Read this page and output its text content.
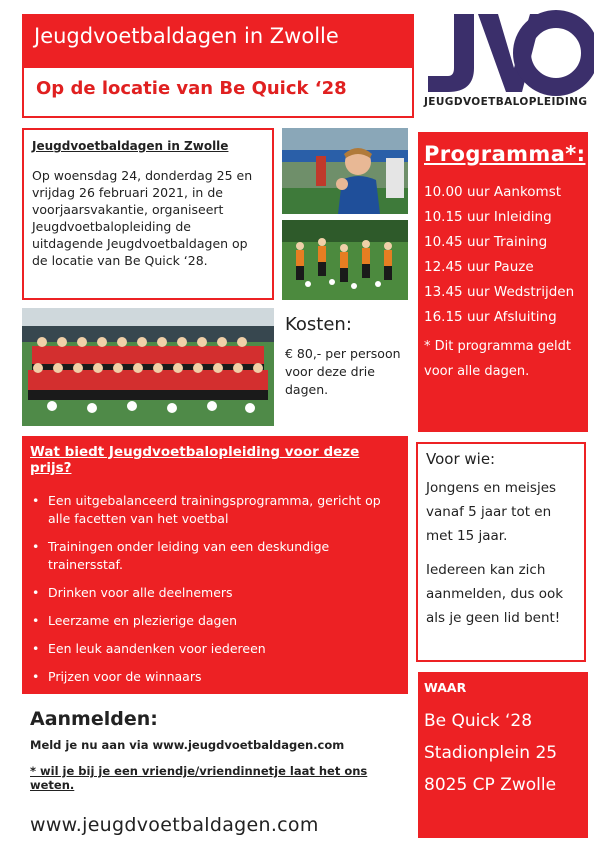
Jeugdvoetbaldagen in Zwolle
Op de locatie van Be Quick ‘28
JEUGDVOETBALOPLEIDING
Jeugdvoetbaldagen in Zwolle
Op woensdag 24, donderdag 25 en vrijdag 26 februari 2021, in de voorjaarsvakantie, organiseert Jeugdvoetbalopleiding de uitdagende Jeugdvoetbaldagen op de locatie van Be Quick ‘28.
Kosten:
€ 80,- per persoon voor deze drie dagen.
Programma*:
10.00 uur Aankomst
10.15 uur Inleiding
10.45 uur Training
12.45 uur Pauze
13.45 uur Wedstrijden
16.15 uur Afsluiting
* Dit programma geldt voor alle dagen.
Wat biedt Jeugdvoetbalopleiding voor deze prijs?
• Een uitgebalanceerd trainingsprogramma, gericht op alle facetten van het voetbal
• Trainingen onder leiding van een deskundige trainersstaf.
• Drinken voor alle deelnemers
• Leerzame en plezierige dagen
• Een leuk aandenken voor iedereen
• Prijzen voor de winnaars
Voor wie:
Jongens en meisjes vanaf 5 jaar tot en met 15 jaar.
Iedereen kan zich aanmelden, dus ook als je geen lid bent!
WAAR
Be Quick ‘28
Stadionplein 25
8025 CP Zwolle
Aanmelden:
Meld je nu aan via www.jeugdvoetbaldagen.com
* wil je bij je een vriendje/vriendinnetje laat het ons weten.
www.jeugdvoetbaldagen.com
